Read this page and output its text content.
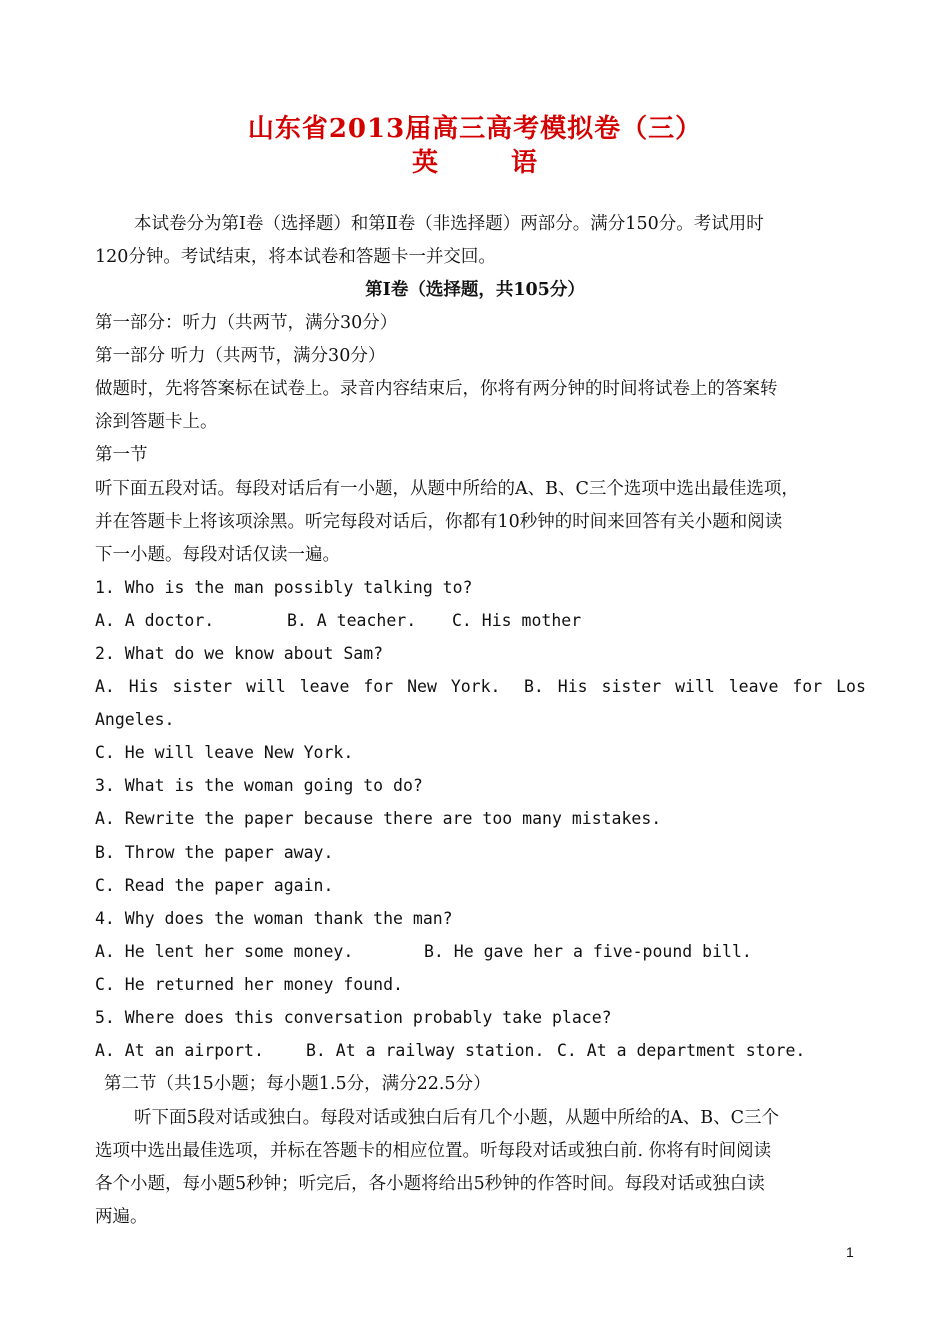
山东省2013届高三高考模拟卷（三）
英 语
本试卷分为第Ⅰ卷（选择题）和第Ⅱ卷（非选择题）两部分。满分150分。考试用时
120分钟。考试结束，将本试卷和答题卡一并交回。
第Ⅰ卷（选择题，共105分）
第一部分：听力（共两节，满分30分）
第一部分 听力（共两节，满分30分）
做题时，先将答案标在试卷上。录音内容结束后，你将有两分钟的时间将试卷上的答案转
涂到答题卡上。
第一节
听下面五段对话。每段对话后有一小题，从题中所给的A、B、C三个选项中选出最佳选项，
并在答题卡上将该项涂黑。听完每段对话后，你都有10秒钟的时间来回答有关小题和阅读
下一小题。每段对话仅读一遍。
1. Who is the man possibly talking to?
A. A doctor.	B. A teacher. C. His mother
2. What do we know about Sam?
A. His sister will leave for New York. B. His sister will leave for Los
Angeles.
C. He will leave New York.
3. What is the woman going to do?
A. Rewrite the paper because there are too many mistakes.
B. Throw the paper away.
C. Read the paper again.
4. Why does the woman thank the man?
A. He lent her some money.	B. He gave her a five-pound bill.
C. He returned her money found.
5. Where does this conversation probably take place?
A. At an airport.	B. At a railway station. C. At a department store.
第二节（共15小题；每小题1.5分，满分22.5分）
听下面5段对话或独白。每段对话或独白后有几个小题，从题中所给的A、B、C三个
选项中选出最佳选项，并标在答题卡的相应位置。听每段对话或独白前. 你将有时间阅读
各个小题，每小题5秒钟；听完后，各小题将给出5秒钟的作答时间。每段对话或独白读
两遍。
1
